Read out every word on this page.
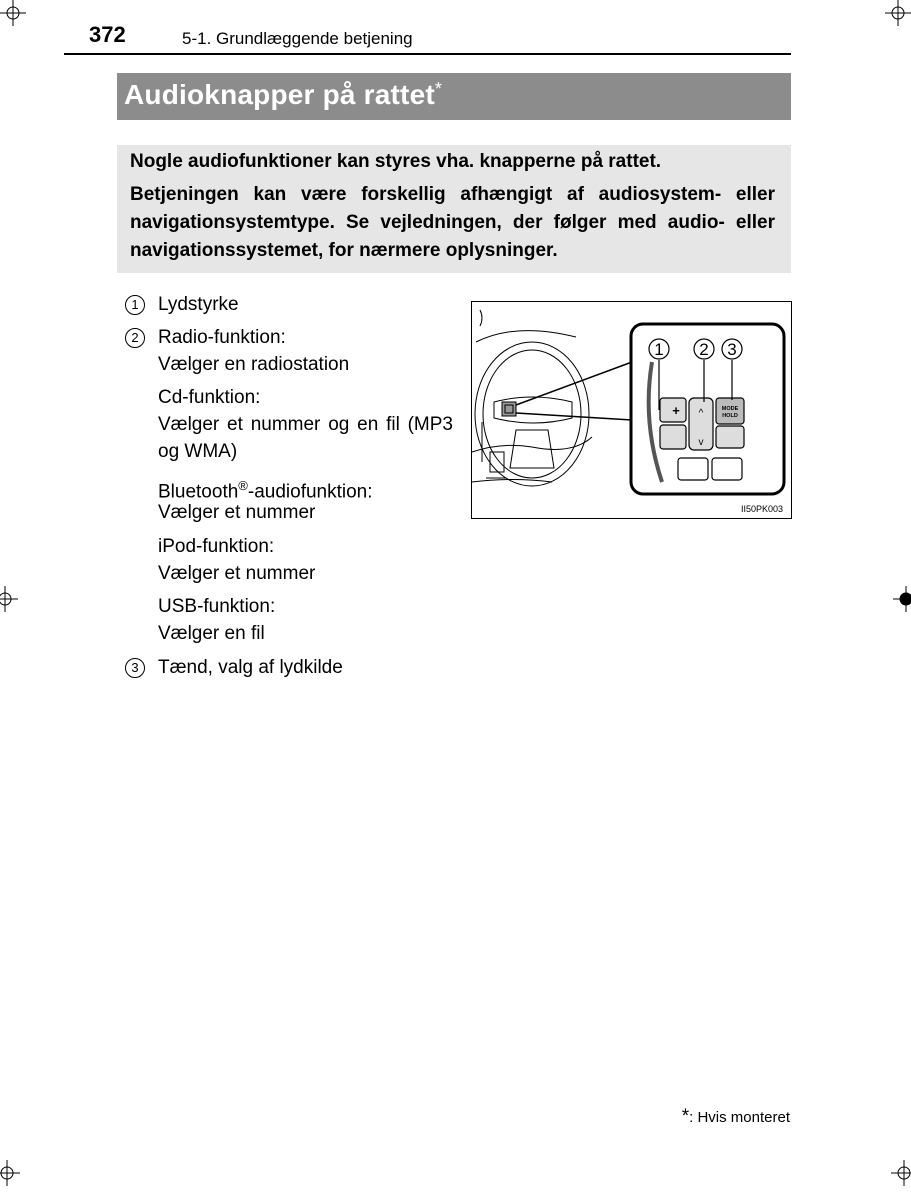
372	5-1. Grundlæggende betjening
Audioknapper på rattet*

Nogle audiofunktioner kan styres vha. knapperne på rattet.

Betjeningen kan være forskellig afhængigt af audiosystem- eller navigationsystemtype. Se vejledningen, der følger med audio- eller navigationssystemet, for nærmere oplysninger.

1	Lydstyrke
2	Radio-funktion:
Vælger en radiostation
Cd-funktion:
Vælger et nummer og en fil (MP3 og WMA)
Bluetooth®-audiofunktion:
Vælger et nummer
iPod-funktion:
Vælger et nummer
USB-funktion:
Vælger en fil
3	Tænd, valg af lydkilde
1 2 3
+ ^
v
MODE
HOLD
II50PK003
*: Hvis monteret
